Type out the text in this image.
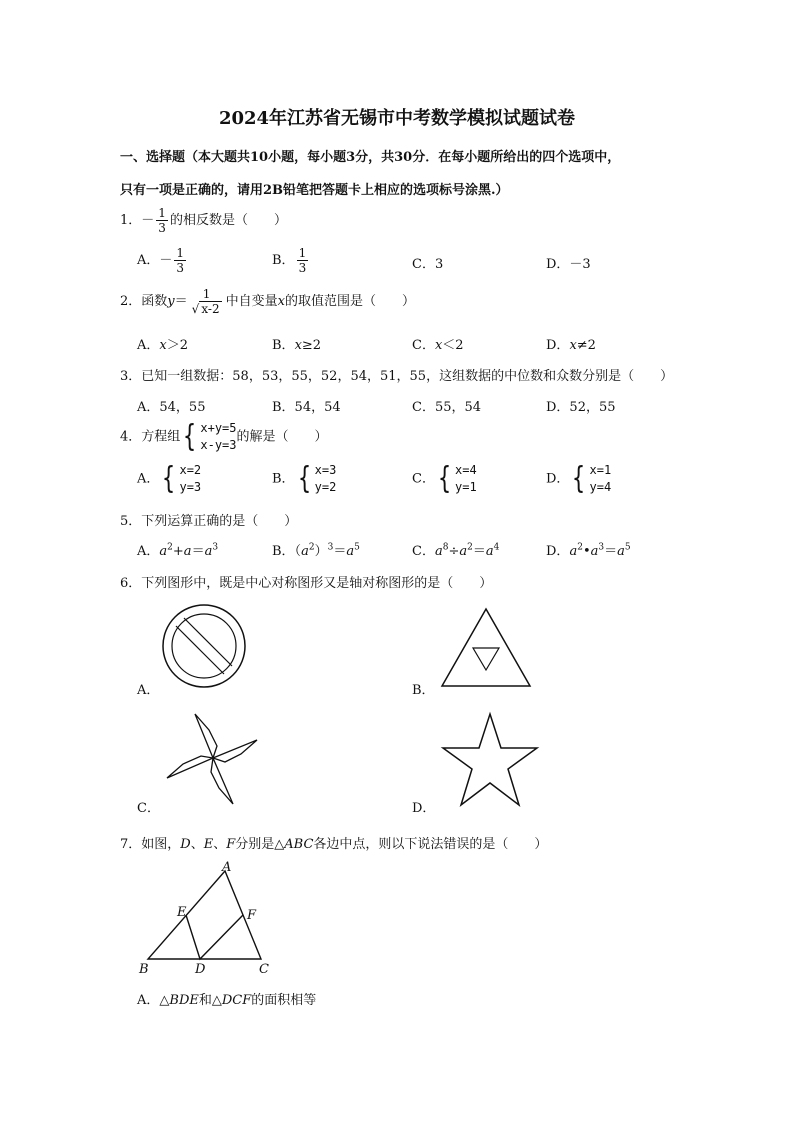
2024年江苏省无锡市中考数学模拟试题试卷
一、选择题（本大题共10小题，每小题3分，共30分．在每小题所给出的四个选项中，
只有一项是正确的，请用2B铅笔把答题卡上相应的选项标号涂黑.）
1．－ $\frac{1}{3}$ 的相反数是（　　）
A．－ $\frac{1}{3}$	B． $\frac{1}{3}$	C．3	D．－3
2．函数$y= \frac{1}{√ x-2}$ 中自变量x的取值范围是（　　）
A．x＞2	B．x≥2	C．x＜2	D．x≠2
3．已知一组数据：58，53，55，52，54，51，55，这组数据的中位数和众数分别是（　　）
A．54，55	B．54，54	C．55，54	D．52，55
4．方程组 { x+y=5
x-y=3
的解是（　　）
A． { x=2
y=3
B． { x=3
y=2
C． { x=4
y=1
D． { x=1
y=4
5．下列运算正确的是（　　）
A．$a^2+a=a^3$	B．$(a^2)^3=a^5$	C．$a^8\div a^2=a^4$	D．$a^2•a^3=a^5$
6．下列图形中，既是中心对称图形又是轴对称图形的是（　　）
A．	B．
C．	D．
7．如图，D、E、F分别是△ABC各边中点，则以下说法错误的是（　　）
A
B	C
D
E	F
A．△BDE和△DCF的面积相等
